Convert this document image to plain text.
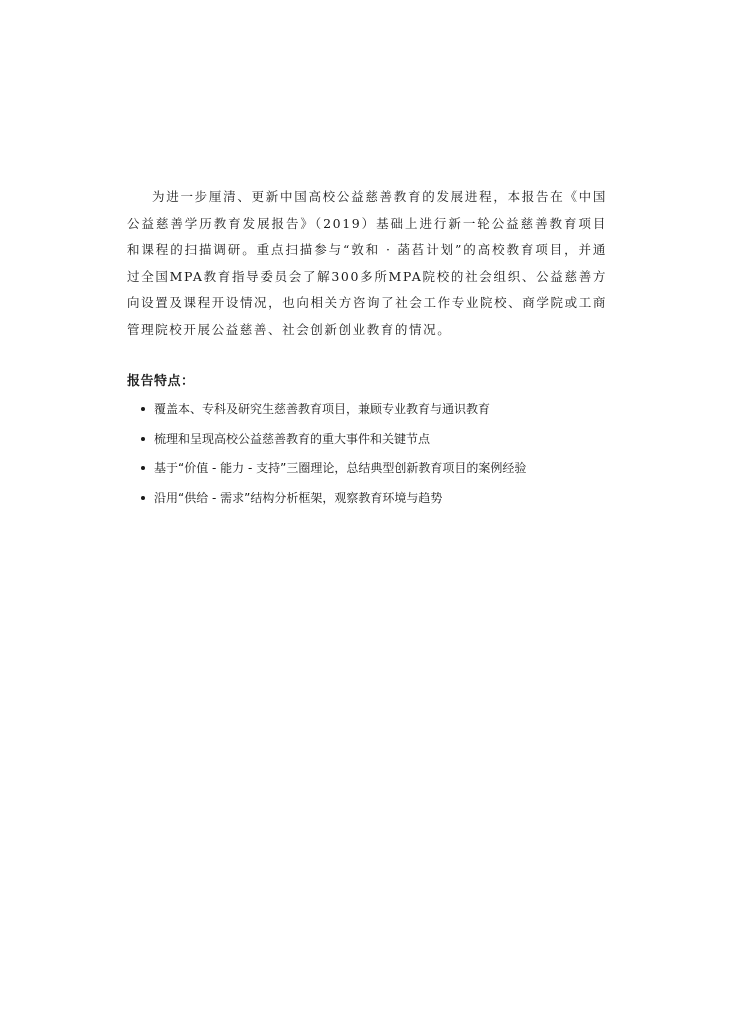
为进一步厘清、更新中国高校公益慈善教育的发展进程，本报告在《中国公益慈善学历教育发展报告》（2019）基础上进行新一轮公益慈善教育项目和课程的扫描调研。重点扫描参与“敦和 · 菡萏计划”的高校教育项目，并通过全国MPA教育指导委员会了解300多所MPA院校的社会组织、公益慈善方向设置及课程开设情况，也向相关方咨询了社会工作专业院校、商学院或工商管理院校开展公益慈善、社会创新创业教育的情况。

报告特点：
覆盖本、专科及研究生慈善教育项目，兼顾专业教育与通识教育
梳理和呈现高校公益慈善教育的重大事件和关键节点
基于“价值 - 能力 - 支持”三圈理论，总结典型创新教育项目的案例经验
沿用“供给 - 需求”结构分析框架，观察教育环境与趋势
